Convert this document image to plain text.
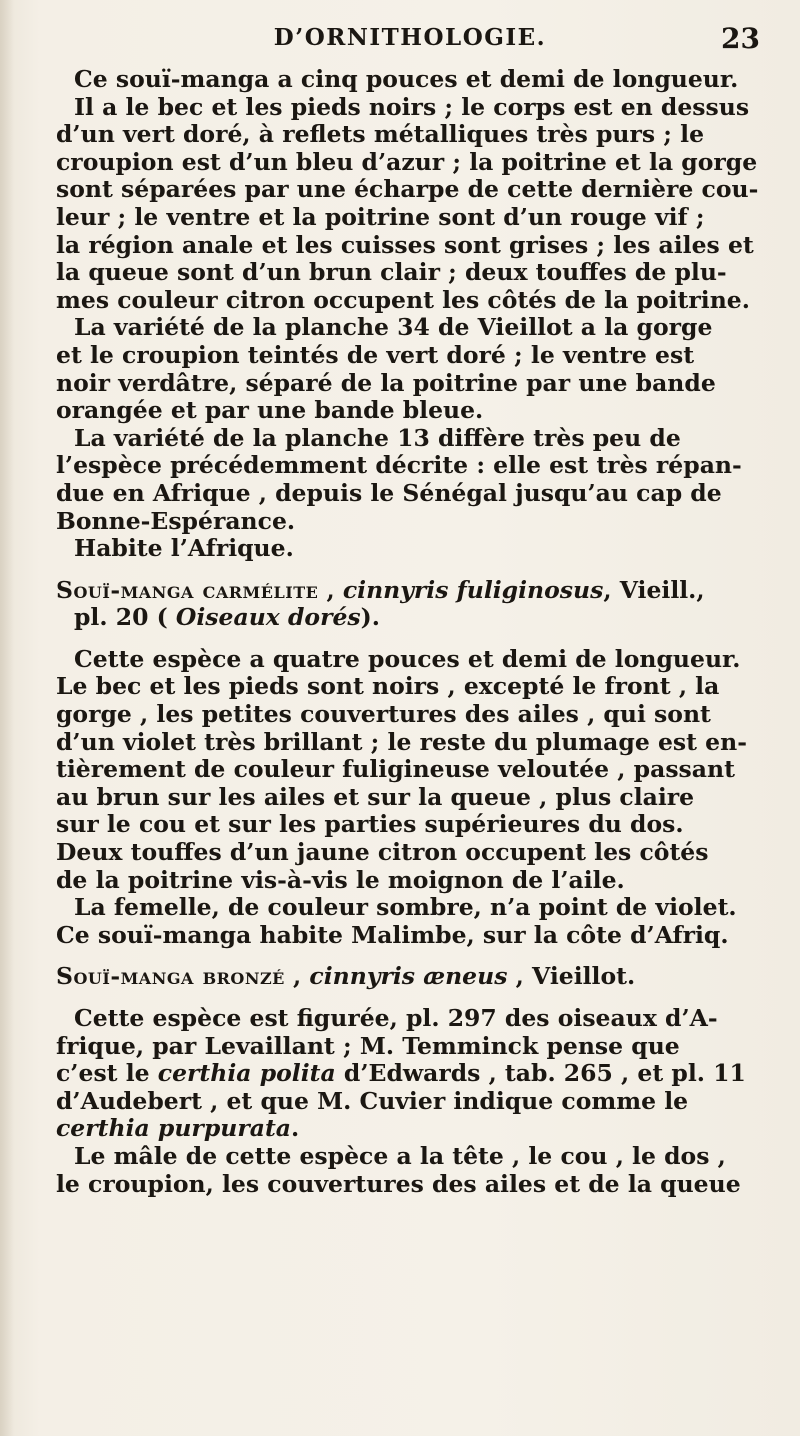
D’ORNITHOLOGIE.	23
Ce souï-manga a cinq pouces et demi de longueur.
Il a le bec et les pieds noirs ; le corps est en dessus
d’un vert doré, à reflets métalliques très purs ; le
croupion est d’un bleu d’azur ; la poitrine et la gorge
sont séparées par une écharpe de cette dernière cou-
leur ; le ventre et la poitrine sont d’un rouge vif ;
la région anale et les cuisses sont grises ; les ailes et
la queue sont d’un brun clair ; deux touffes de plu-
mes couleur citron occupent les côtés de la poitrine.
La variété de la planche 34 de Vieillot a la gorge
et le croupion teintés de vert doré ; le ventre est
noir verdâtre, séparé de la poitrine par une bande
orangée et par une bande bleue.
La variété de la planche 13 diffère très peu de
l’espèce précédemment décrite : elle est très répan-
due en Afrique , depuis le Sénégal jusqu’au cap de
Bonne-Espérance.
Habite l’Afrique.
Souï-manga carmélite , cinnyris fuliginosus, Vieill.,
pl. 20 ( Oiseaux dorés).
Cette espèce a quatre pouces et demi de longueur.
Le bec et les pieds sont noirs , excepté le front , la
gorge , les petites couvertures des ailes , qui sont
d’un violet très brillant ; le reste du plumage est en-
tièrement de couleur fuligineuse veloutée , passant
au brun sur les ailes et sur la queue , plus claire
sur le cou et sur les parties supérieures du dos.
Deux touffes d’un jaune citron occupent les côtés
de la poitrine vis-à-vis le moignon de l’aile.
La femelle, de couleur sombre, n’a point de violet.
Ce souï-manga habite Malimbe, sur la côte d’Afriq.
Souï-manga bronzé , cinnyris æneus , Vieillot.
Cette espèce est figurée, pl. 297 des oiseaux d’A-
frique, par Levaillant ; M. Temminck pense que
c’est le certhia polita d’Edwards , tab. 265 , et pl. 11
d’Audebert , et que M. Cuvier indique comme le
certhia purpurata.
Le mâle de cette espèce a la tête , le cou , le dos ,
le croupion, les couvertures des ailes et de la queue
